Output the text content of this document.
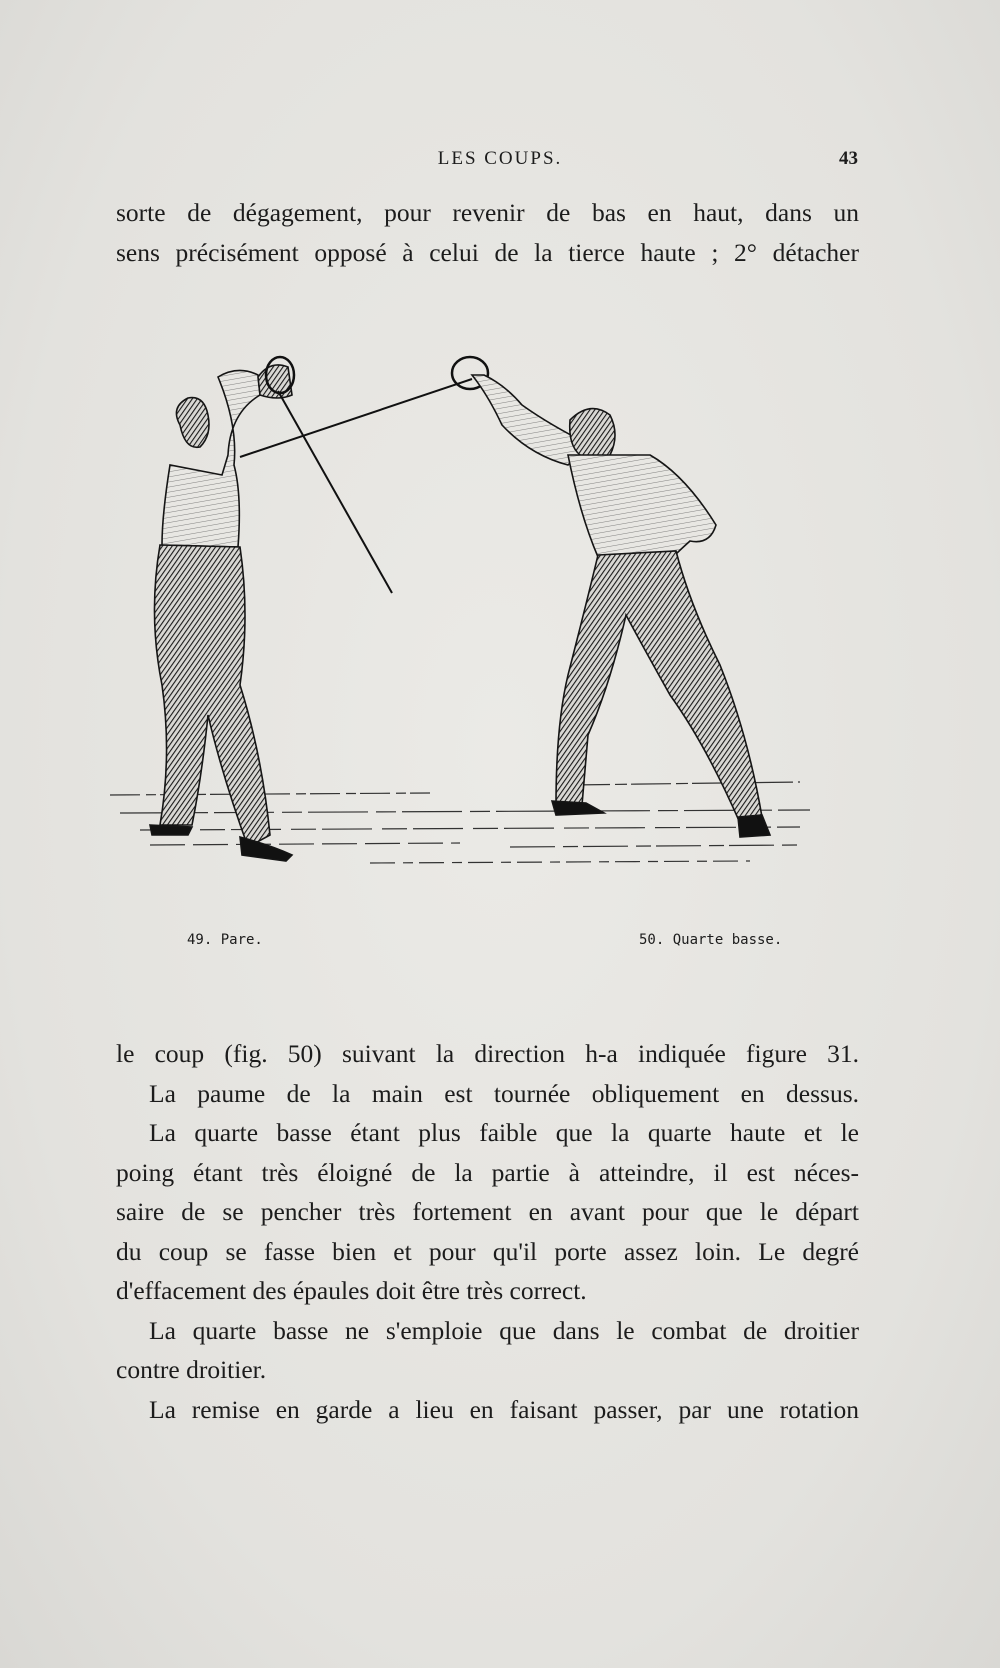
LES COUPS.	43
sorte de dégagement, pour revenir de bas en haut, dans un
sens précisément opposé à celui de la tierce haute ; 2° détacher
49. Pare.	50. Quarte basse.
le coup (fig. 50) suivant la direction h-a indiquée figure 31.
La paume de la main est tournée obliquement en dessus.
La quarte basse étant plus faible que la quarte haute et le
poing étant très éloigné de la partie à atteindre, il est néces-
saire de se pencher très fortement en avant pour que le départ
du coup se fasse bien et pour qu'il porte assez loin. Le degré
d'effacement des épaules doit être très correct.
La quarte basse ne s'emploie que dans le combat de droitier
contre droitier.
La remise en garde a lieu en faisant passer, par une rotation
